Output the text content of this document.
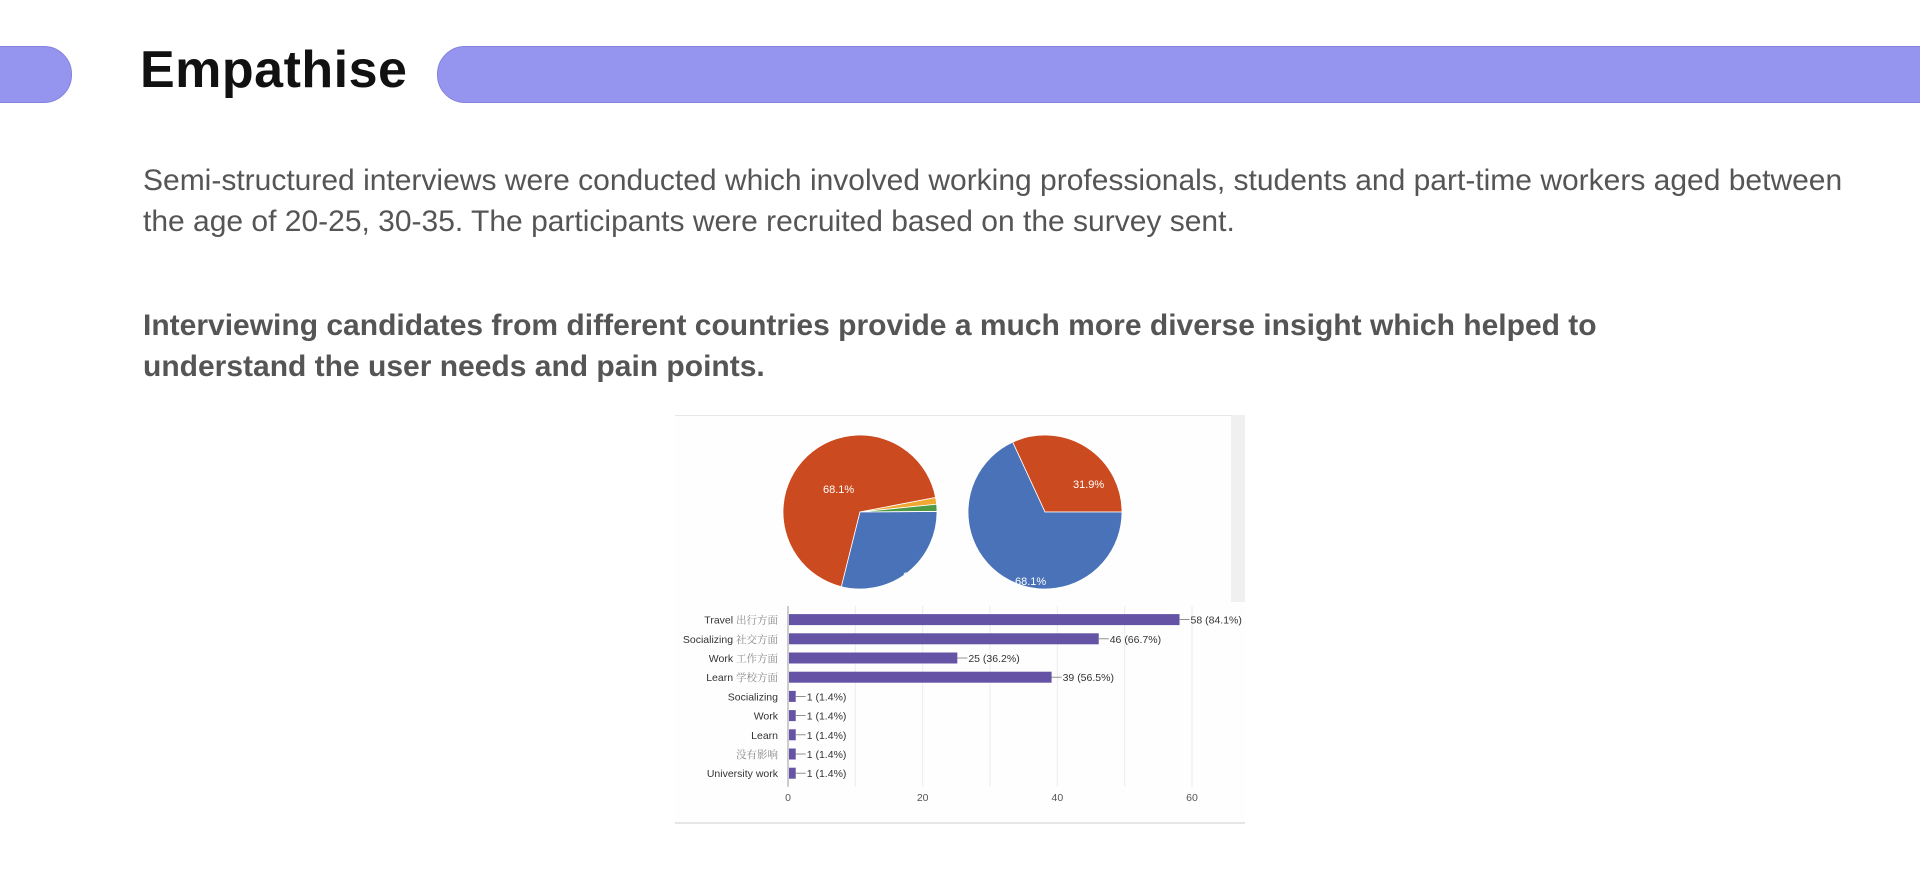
Empathise

Semi-structured interviews were conducted which involved working professionals, students and part-time workers aged between the age of 20-25, 30-35. The participants were recruited based on the survey sent.

Interviewing candidates from different countries provide a much more diverse insight which helped to understand the user needs and pain points.

68.1%
29%
31.9%
68.1%
0	20	40	60
Travel 出行方面	58 (84.1%)
Socializing 社交方面	46 (66.7%)
Work 工作方面	25 (36.2%)
Learn 学校方面	39 (56.5%)
Socializing	1 (1.4%)
Work	1 (1.4%)
Learn	1 (1.4%)
没有影响	1 (1.4%)
University work	1 (1.4%)
